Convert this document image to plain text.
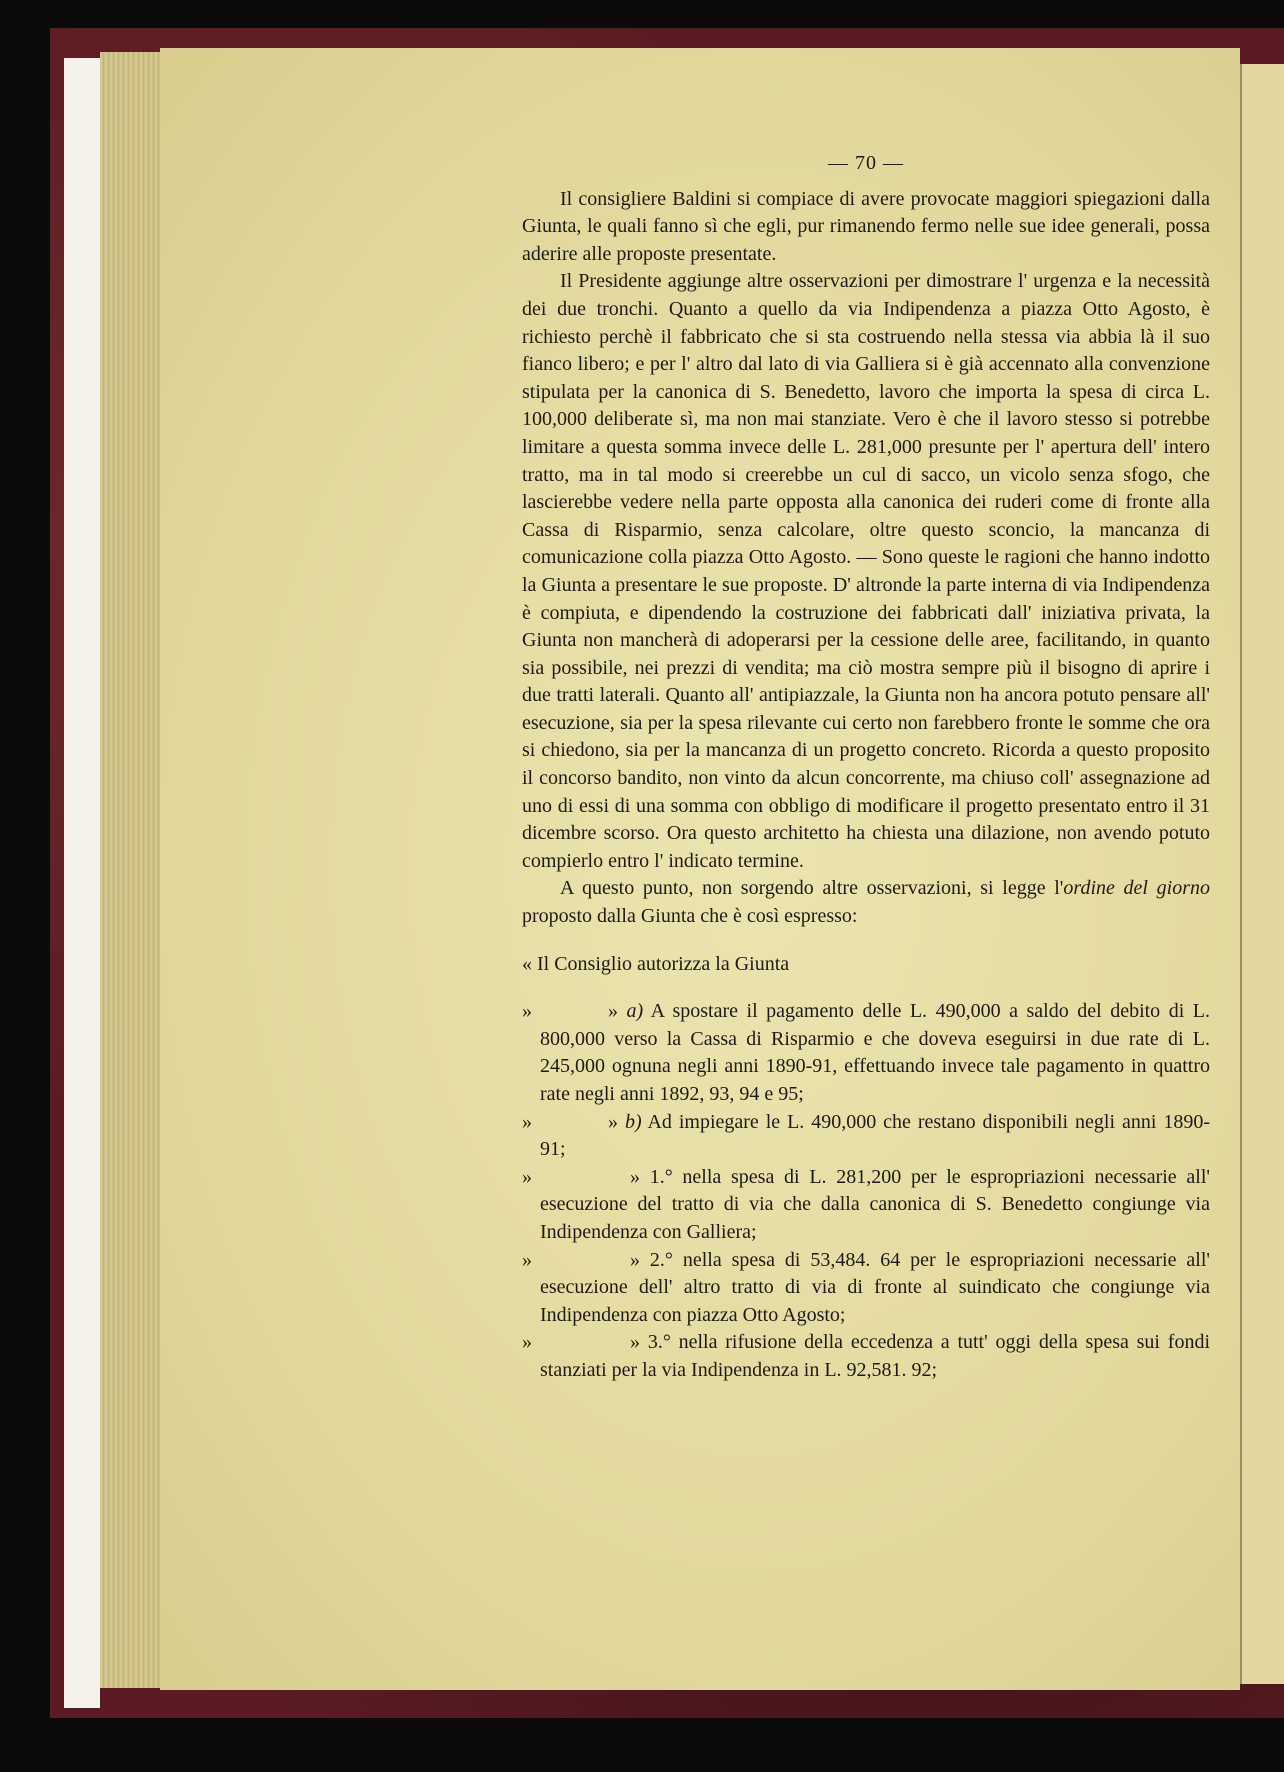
— 70 —

Il consigliere Baldini si compiace di avere provocate maggiori spiegazioni dalla Giunta, le quali fanno sì che egli, pur rimanendo fermo nelle sue idee generali, possa aderire alle proposte presentate.

Il Presidente aggiunge altre osservazioni per dimostrare l' urgenza e la necessità dei due tronchi. Quanto a quello da via Indipendenza a piazza Otto Agosto, è richiesto perchè il fabbricato che si sta costruendo nella stessa via abbia là il suo fianco libero; e per l' altro dal lato di via Galliera si è già accennato alla convenzione stipulata per la canonica di S. Benedetto, lavoro che importa la spesa di circa L. 100,000 deliberate sì, ma non mai stanziate. Vero è che il lavoro stesso si potrebbe limitare a questa somma invece delle L. 281,000 presunte per l' apertura dell' intero tratto, ma in tal modo si creerebbe un cul di sacco, un vicolo senza sfogo, che lascierebbe vedere nella parte opposta alla canonica dei ruderi come di fronte alla Cassa di Risparmio, senza calcolare, oltre questo sconcio, la mancanza di comunicazione colla piazza Otto Agosto. — Sono queste le ragioni che hanno indotto la Giunta a presentare le sue proposte. D' altronde la parte interna di via Indipendenza è compiuta, e dipendendo la costruzione dei fabbricati dall' iniziativa privata, la Giunta non mancherà di adoperarsi per la cessione delle aree, facilitando, in quanto sia possibile, nei prezzi di vendita; ma ciò mostra sempre più il bisogno di aprire i due tratti laterali. Quanto all' antipiazzale, la Giunta non ha ancora potuto pensare all' esecuzione, sia per la spesa rilevante cui certo non farebbero fronte le somme che ora si chiedono, sia per la mancanza di un progetto concreto. Ricorda a questo proposito il concorso bandito, non vinto da alcun concorrente, ma chiuso coll' assegnazione ad uno di essi di una somma con obbligo di modificare il progetto presentato entro il 31 dicembre scorso. Ora questo architetto ha chiesta una dilazione, non avendo potuto compierlo entro l' indicato termine.

A questo punto, non sorgendo altre osservazioni, si legge l'ordine del giorno proposto dalla Giunta che è così espresso:

« Il Consiglio autorizza la Giunta

»	» a) A spostare il pagamento delle L. 490,000 a saldo del debito di L. 800,000 verso la Cassa di Risparmio e che doveva eseguirsi in due rate di L. 245,000 ognuna negli anni 1890-91, effettuando invece tale pagamento in quattro rate negli anni 1892, 93, 94 e 95;

»	» b) Ad impiegare le L. 490,000 che restano disponibili negli anni 1890-91;

»	» 1.° nella spesa di L. 281,200 per le espropriazioni necessarie all' esecuzione del tratto di via che dalla canonica di S. Benedetto congiunge via Indipendenza con Galliera;

»	» 2.° nella spesa di 53,484. 64 per le espropriazioni necessarie all' esecuzione dell' altro tratto di via di fronte al suindicato che congiunge via Indipendenza con piazza Otto Agosto;

»	» 3.° nella rifusione della eccedenza a tutt' oggi della spesa sui fondi stanziati per la via Indipendenza in L. 92,581. 92;
